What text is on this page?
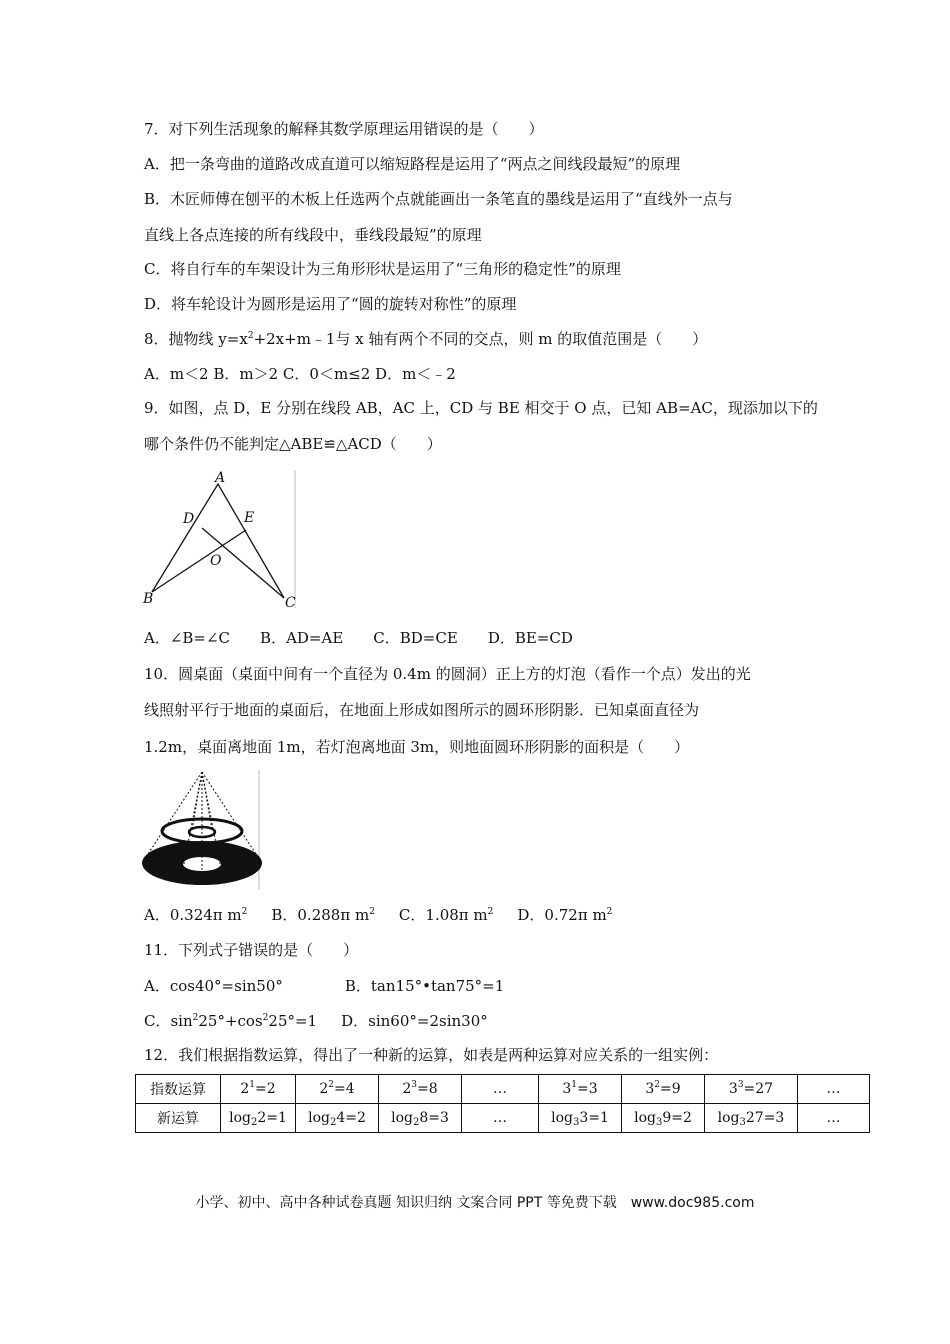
7．对下列生活现象的解释其数学原理运用错误的是（　　）
A．把一条弯曲的道路改成直道可以缩短路程是运用了“两点之间线段最短”的原理
B．木匠师傅在刨平的木板上任选两个点就能画出一条笔直的墨线是运用了“直线外一点与
直线上各点连接的所有线段中，垂线段最短”的原理
C．将自行车的车架设计为三角形形状是运用了“三角形的稳定性”的原理
D．将车轮设计为圆形是运用了“圆的旋转对称性”的原理
8．抛物线 $y=x^2+2x+m﹣1$与 x 轴有两个不同的交点，则 m 的取值范围是（　　）
A．m＜2 B．m＞2 C．0＜m≤2 D．m＜﹣2
9．如图，点 D，E 分别在线段 AB，AC 上，CD 与 BE 相交于 O 点，已知 AB=AC，现添加以下的
哪个条件仍不能判定△ABE≌△ACD（　　）
A
D	E
O
B	C
A．∠B=∠C B．AD=AE C．BD=CE D．BE=CD
10．圆桌面（桌面中间有一个直径为 0.4m 的圆洞）正上方的灯泡（看作一个点）发出的光
线照射平行于地面的桌面后，在地面上形成如图所示的圆环形阴影．已知桌面直径为
1.2m，桌面离地面 1m，若灯泡离地面 3m，则地面圆环形阴影的面积是（　　）
A．0.324π $m^2$ B．0.288π $m^2$ C．1.08π $m^2$ D．0.72π $m^2$
11．下列式子错误的是（　　）
A．cos40°=sin50°	B．tan15°•tan75°=1
C．$\sin^225^\circ+\cos^225^\circ=1$ D．sin60°=2sin30°
12．我们根据指数运算，得出了一种新的运算，如表是两种运算对应关系的一组实例：
指数运算	$2^1=2$	$2^2=4$	$2^3=8$	…	$3^1=3$	$3^2=9$	$3^3=27$	…
新运算	$\log_22=1$	$\log_24=2$	$\log_28=3$	…	$\log_33=1$	$\log_39=2$	$\log_327=3$	…
小学、初中、高中各种试卷真题 知识归纳 文案合同 PPT 等免费下载　www.doc985.com
